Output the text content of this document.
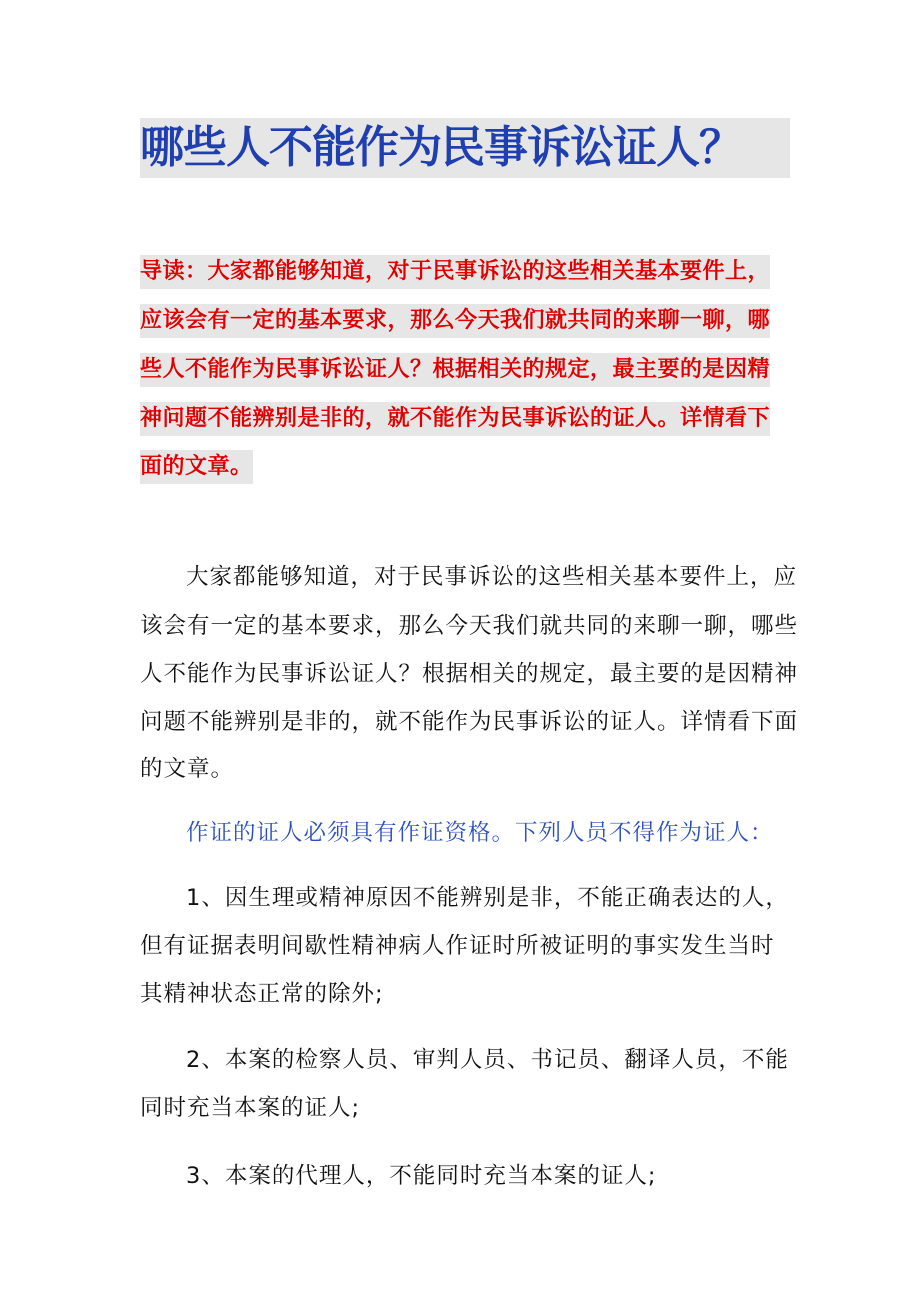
哪些人不能作为民事诉讼证人？
导读：大家都能够知道，对于民事诉讼的这些相关基本要件上，
应该会有一定的基本要求，那么今天我们就共同的来聊一聊，哪
些人不能作为民事诉讼证人？根据相关的规定，最主要的是因精
神问题不能辨别是非的，就不能作为民事诉讼的证人。详情看下
面的文章。
大家都能够知道，对于民事诉讼的这些相关基本要件上，应
该会有一定的基本要求，那么今天我们就共同的来聊一聊，哪些
人不能作为民事诉讼证人？根据相关的规定，最主要的是因精神
问题不能辨别是非的，就不能作为民事诉讼的证人。详情看下面
的文章。
作证的证人必须具有作证资格。下列人员不得作为证人：
1、因生理或精神原因不能辨别是非，不能正确表达的人，
但有证据表明间歇性精神病人作证时所被证明的事实发生当时
其精神状态正常的除外;
2、本案的检察人员、审判人员、书记员、翻译人员，不能
同时充当本案的证人;
3、本案的代理人，不能同时充当本案的证人;
